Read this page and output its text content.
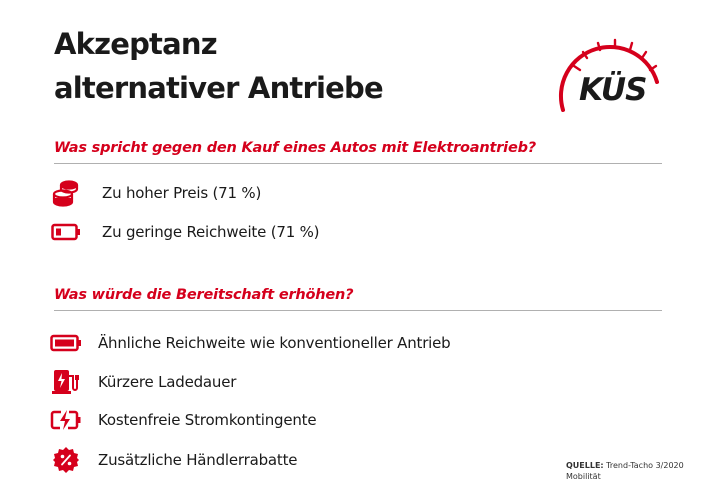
Akzeptanz
alternativer Antriebe	KÜS

Was spricht gegen den Kauf eines Autos mit Elektroantrieb?

Zu hoher Preis (71 %)
Zu geringe Reichweite (71 %)

Was würde die Bereitschaft erhöhen?

Ähnliche Reichweite wie konventioneller Antrieb
Kürzere Ladedauer
Kostenfreie Stromkontingente
Zusätzliche Händlerrabatte	QUELLE: Trend-Tacho 3/2020
Mobilität
